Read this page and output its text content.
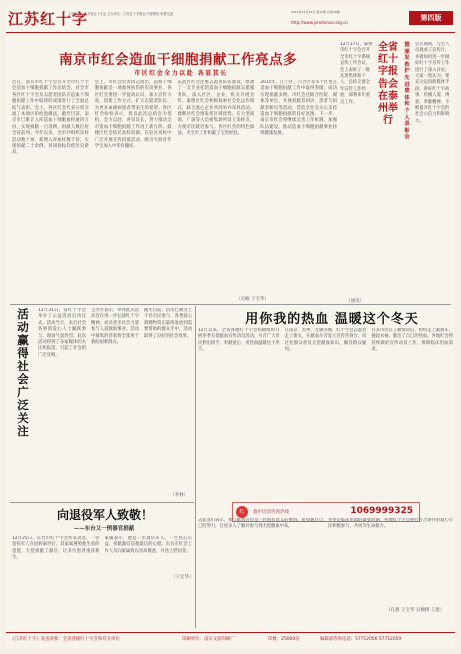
江苏红十字
主管单位：江苏省红十字会 主办单位：江苏红十字报社 内部资料 免费交流	2015年12月31日 第12期 总第49期
http://www.jsredcross.org.cn
第四版
南京市红会造血干细胞捐献工作亮点多
市区红会全力以赴 各显其长
近日，南京市红十字会召开全市红十字会造血干细胞捐献工作总结会，对全市各区红十字会及志愿者团队在造血干细胞捐献工作中取得的成绩进行了全面总结与表彰。会上，各区红会代表分别交流了本地区的经验做法。截至目前，南京市已累计入库造血干细胞血样逾四万份，实现捐献一百余例，捐献人数位居全省前列。今年以来，全市共组织采样活动数十场，新增入库血样数千份，实现捐献二十余例，各项指标均创历史新高。
会上，市红会负责同志指出，造血干细胞捐献是一项救死扶伤的崇高事业，各区红会要进一步提高认识，加大宣传力度，创新工作方式，扩大志愿者队伍，为更多血液病患者带来生的希望。各区红会纷纷表示，将以此次总结会为契机，全力以赴，各显其长，努力推动全市造血干细胞捐献工作再上新台阶。鼓楼区红会依托高校资源，在驻区高校中广泛开展宣传招募活动，吸引大批青年学生加入中华骨髓库。
玄武区红会注重志愿者队伍建设，组建了一支专业化的造血干细胞捐献志愿服务队，深入社区、企业、机关开展宣传。秦淮区红会积极探索社会化运作模式，联合爱心企业共同举办采样活动。建邺区红会则发挥区域优势，在大型商场、广场等人员密集场所设立采样点，方便市民就近参与。各区红会的特色做法，为全市工作积累了宝贵经验。
2015年，江宁区、六合区等多个区也在造血干细胞捐献工作中取得突破，成功实现捐献多例。市红会还联合医院、媒体等单位，开展捐献者回访、患者与捐献者相见等活动，营造全社会关心支持造血干细胞捐献的良好氛围。下一步，南京市红会将继续完善工作机制，加强队伍建设，推动造血干细胞捐献事业持续健康发展。
（吴楠 王宝华）
12月17日，泰州市红十字会召开全市红十字系统宣传工作会议，会上表彰了一批先进集体和个人，总结交流全年宣传工作经验，部署来年重点工作。
全省红十字报告会在泰州举行
暨颁发救护先进集体和个人表彰会
会议期间，与会人员观看了宣传片，并就如何进一步做好红十字宣传工作进行了深入讨论。大家一致认为，要充分运用新媒体手段，讲好红十字故事，传播人道、博爱、奉献精神，不断提升红十字会的社会公信力和影响力。
（通讯）
活动赢得社会广泛关注
12月31日，省红十字会举办了公益活动启动仪式。活动当天，来自社会各界的爱心人士踊跃参与，现场气氛热烈。此次活动得到了多家媒体的关注和报道，引起了社会的广泛反响。
主办方表示，举办此次活动旨在进一步弘扬红十字精神，动员更多社会力量参与人道救助事业。活动中募集的善款将全部用于救助困难群众。
截至目前，活动已吸引上千名市民参与，各类爱心捐赠物资正陆续发放到需要帮助的群众手中，活动取得了良好的社会效果。
（李林）
向退役军人致敬！
——东台又一例器官捐献
12月25日，东台市红十字会传来消息，一位退役军人在因病离世后，其家属遵照他生前的意愿，无偿捐献了器官，让多位患者重获新生。
家属表示，他是一名退伍军人，一生热心公益，捐献器官是他最后的心愿。东台市红会工作人员向家属致以崇高敬意，并送上慰问金。
（王宏华）
用你我的热血 温暖这个冬天
12月以来，全省各地红十字会积极组织开展冬季无偿献血宣传动员活动，号召广大市民伸出援手，奉献爱心，用热血温暖这个冬天。
在南京、苏州、无锡等地，红十字会志愿者走上街头，在献血车旁设立宣传咨询台，向过往群众普及无偿献血知识，解答群众疑问。
许多市民在了解情况后，纷纷走上献血车，挽起衣袖，献出了自己的热血。各地红会将持续做好宣传动员工作，保障临床用血需求。
红	救护培训咨询热线	1069999325
志愿者们表示，参与献血宣传是一件很有意义的事情，希望通过自己的努力，让更多人了解并参与到无偿献血中来。
冬季是临床用血的紧张时期，各地红十字会呼吁符合条件的爱心市民积极参与，共同为生命接力。
（孔燕 王宝华 吴楠摄 王建）
《江苏红十字》发送对象：全省各级红十字会和有关单位	印刷单位：南京文润印刷厂	印数：25000份	编辑部咨询电话：57712056 57712059
